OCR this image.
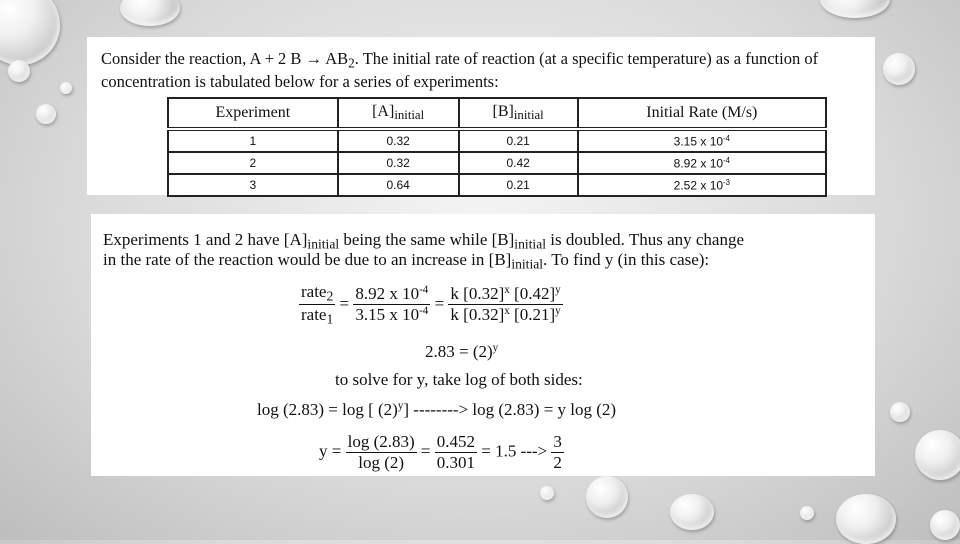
Consider the reaction, A + 2 $B \to AB_2$. The initial rate of reaction (at a specific temperature) as a function of concentration is tabulated below for a series of experiments:
Experiment	$[A]_{initial}$	$[B]_{initial}$	Initial Rate (M/s)
1	0.32	0.21	3.15 x $10^{-4}$
2	0.32	0.42	8.92 x $10^{-4}$
3	0.64	0.21	2.52 x $10^{-3}$
Experiments 1 and 2 have $[A]_{initial}$ being the same while $[B]_{initial}$ is doubled. Thus any change
in the rate of the reaction would be due to an increase in $[B]_{initial}$. To find y (in this case):
$\frac{rate_2}{rate_1} = \frac{8.92 x 10^{-4}}{3.15 x 10^{-4}} = \frac{k [0.32]^x [0.42]^y}{k [0.32]^x [0.21]^y}$
$2.83 = (2)^y$
to solve for y, take log of both sides:
log (2.83) = log [ $(2)^y$] --------> log (2.83) = y log (2)
$y = \frac{\log (2.83)}{\log (2)} = \frac{0.452}{0.301} = 1.5$ ---> $\frac{3}{2}$
